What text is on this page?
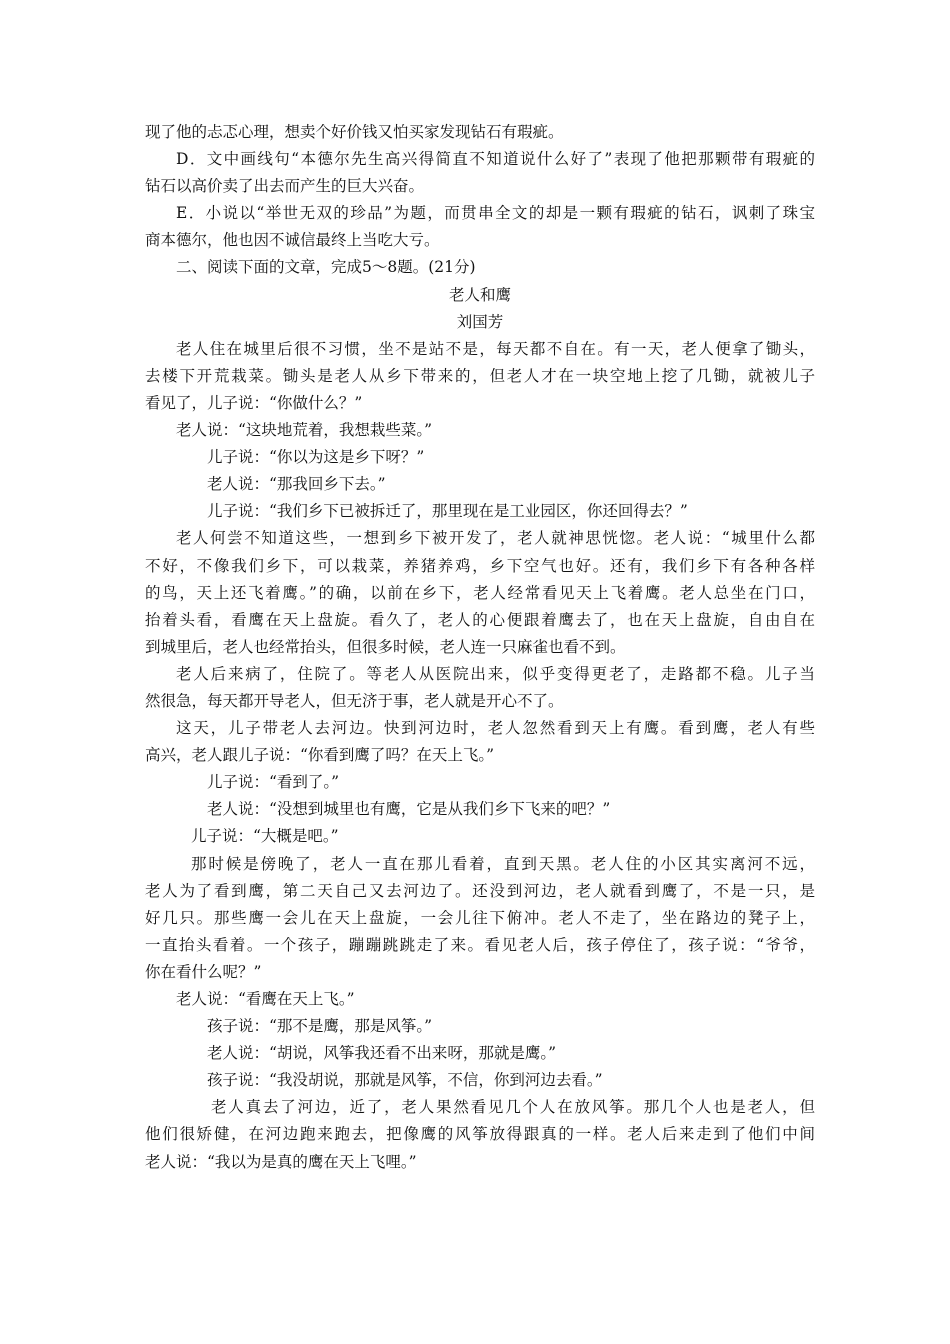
现了他的忐忑心理，想卖个好价钱又怕买家发现钻石有瑕疵。
D．文中画线句“本德尔先生高兴得简直不知道说什么好了”表现了他把那颗带有瑕疵的
钻石以高价卖了出去而产生的巨大兴奋。
E．小说以“举世无双的珍品”为题，而贯串全文的却是一颗有瑕疵的钻石，讽刺了珠宝
商本德尔，他也因不诚信最终上当吃大亏。
二、阅读下面的文章，完成5～8题。(21分)
老人和鹰
刘国芳
老人住在城里后很不习惯，坐不是站不是，每天都不自在。有一天，老人便拿了锄头，
去楼下开荒栽菜。锄头是老人从乡下带来的，但老人才在一块空地上挖了几锄，就被儿子
看见了，儿子说：“你做什么？”
老人说：“这块地荒着，我想栽些菜。”
儿子说：“你以为这是乡下呀？”
老人说：“那我回乡下去。”
儿子说：“我们乡下已被拆迁了，那里现在是工业园区，你还回得去？”
老人何尝不知道这些，一想到乡下被开发了，老人就神思恍惚。老人说：“城里什么都
不好，不像我们乡下，可以栽菜，养猪养鸡，乡下空气也好。还有，我们乡下有各种各样
的鸟，天上还飞着鹰。”的确，以前在乡下，老人经常看见天上飞着鹰。老人总坐在门口，
抬着头看，看鹰在天上盘旋。看久了，老人的心便跟着鹰去了，也在天上盘旋，自由自在
到城里后，老人也经常抬头，但很多时候，老人连一只麻雀也看不到。
老人后来病了，住院了。等老人从医院出来，似乎变得更老了，走路都不稳。儿子当
然很急，每天都开导老人，但无济于事，老人就是开心不了。
这天，儿子带老人去河边。快到河边时，老人忽然看到天上有鹰。看到鹰，老人有些
高兴，老人跟儿子说：“你看到鹰了吗？在天上飞。”
儿子说：“看到了。”
老人说：“没想到城里也有鹰，它是从我们乡下飞来的吧？”
儿子说：“大概是吧。”
那时候是傍晚了，老人一直在那儿看着，直到天黑。老人住的小区其实离河不远，
老人为了看到鹰，第二天自己又去河边了。还没到河边，老人就看到鹰了，不是一只，是
好几只。那些鹰一会儿在天上盘旋，一会儿往下俯冲。老人不走了，坐在路边的凳子上，
一直抬头看着。一个孩子，蹦蹦跳跳走了来。看见老人后，孩子停住了，孩子说：“爷爷，
你在看什么呢？”
老人说：“看鹰在天上飞。”
孩子说：“那不是鹰，那是风筝。”
老人说：“胡说，风筝我还看不出来呀，那就是鹰。”
孩子说：“我没胡说，那就是风筝，不信，你到河边去看。”
老人真去了河边，近了，老人果然看见几个人在放风筝。那几个人也是老人，但
他们很矫健，在河边跑来跑去，把像鹰的风筝放得跟真的一样。老人后来走到了他们中间
老人说：“我以为是真的鹰在天上飞哩。”
